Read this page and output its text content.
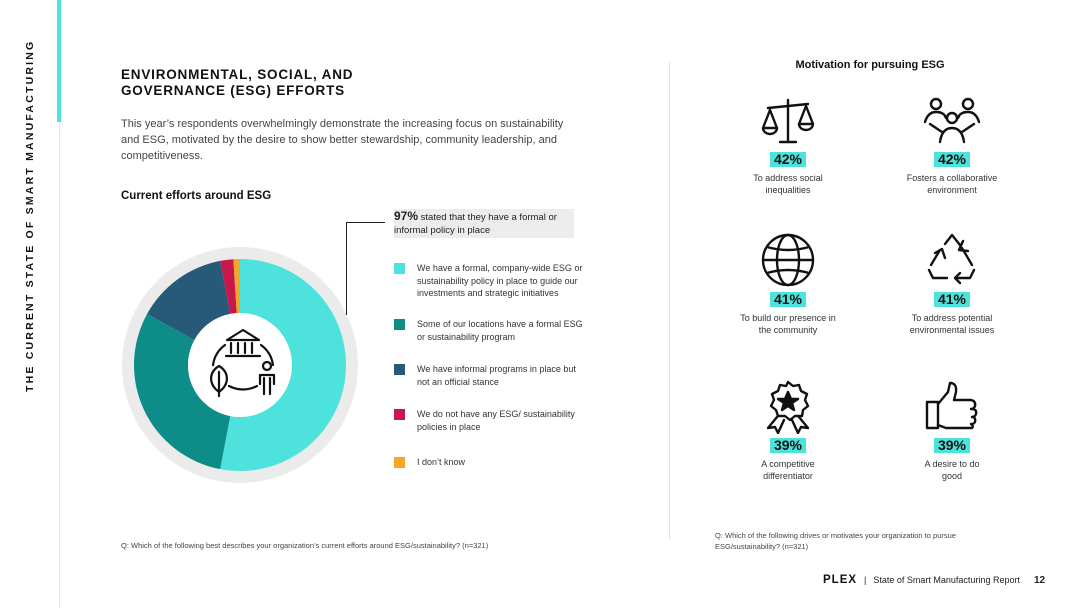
THE CURRENT STATE OF SMART MANUFACTURING	ENVIRONMENTAL, SOCIAL, AND GOVERNANCE (ESG) EFFORTS
This year’s respondents overwhelmingly demonstrate the increasing focus on sustainability and ESG, motivated by the desire to show better stewardship, community leadership, and competitiveness.
Current efforts around ESG
97% stated that they have a formal or informal policy in place
We have a formal, company-wide ESG or sustainability policy in place to guide our investments and strategic initiatives
Some of our locations have a formal ESG or sustainability program
We have informal programs in place but not an official stance
We do not have any ESG/ sustainability policies in place
I don’t know
Q: Which of the following best describes your organization’s current efforts around ESG/sustainability? (n=321)
Motivation for pursuing ESG
42%
To address social inequalities
42%
Fosters a collaborative environment
41%
To build our presence in the community
41%
To address potential environmental issues
39%
A competitive differentiator
39%
A desire to do good
Q: Which of the following drives or motivates your organization to pursue ESG/sustainability? (n=321)
PLEX | State of Smart Manufacturing Report 12
